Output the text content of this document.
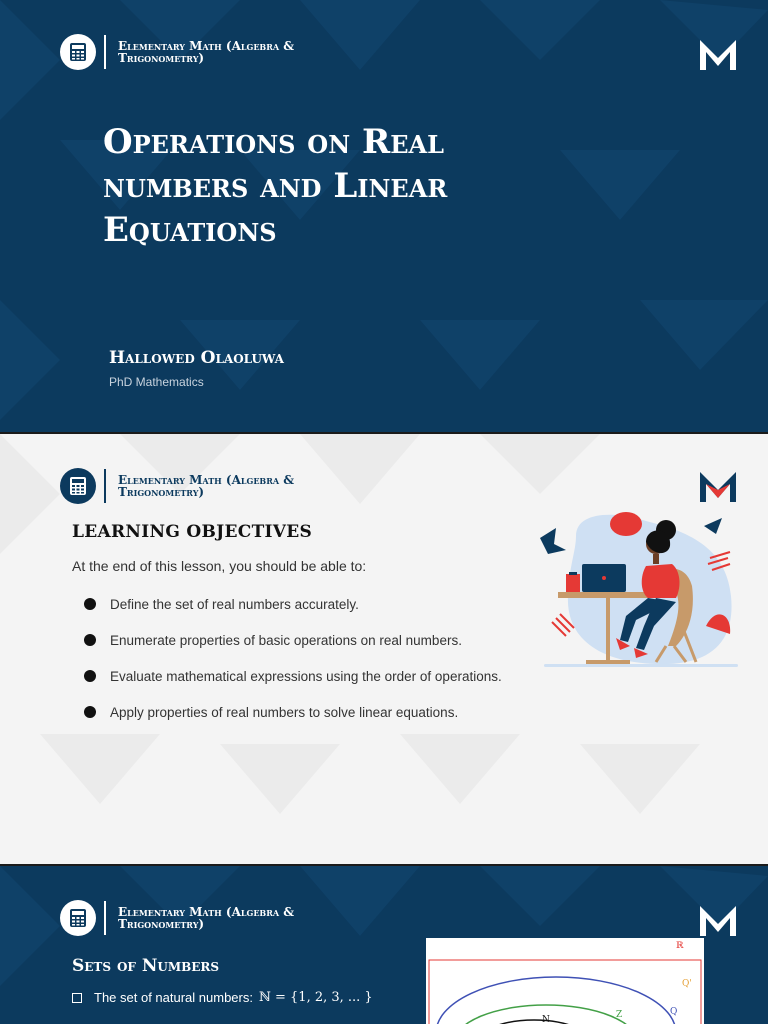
Elementary Math (Algebra & Trigonometry)
Operations on Real numbers and Linear Equations
Hallowed Olaoluwa
PhD Mathematics
Elementary Math (Algebra & Trigonometry)
LEARNING OBJECTIVES
At the end of this lesson, you should be able to:
Define the set of real numbers accurately.
Enumerate properties of basic operations on real numbers.
Evaluate mathematical expressions using the order of operations.
Apply properties of real numbers to solve linear equations.
Elementary Math (Algebra & Trigonometry)
Sets of Numbers
The set of natural numbers: ℕ = {1, 2, 3, ... }
ℝ
Q'
Z	Q
N
